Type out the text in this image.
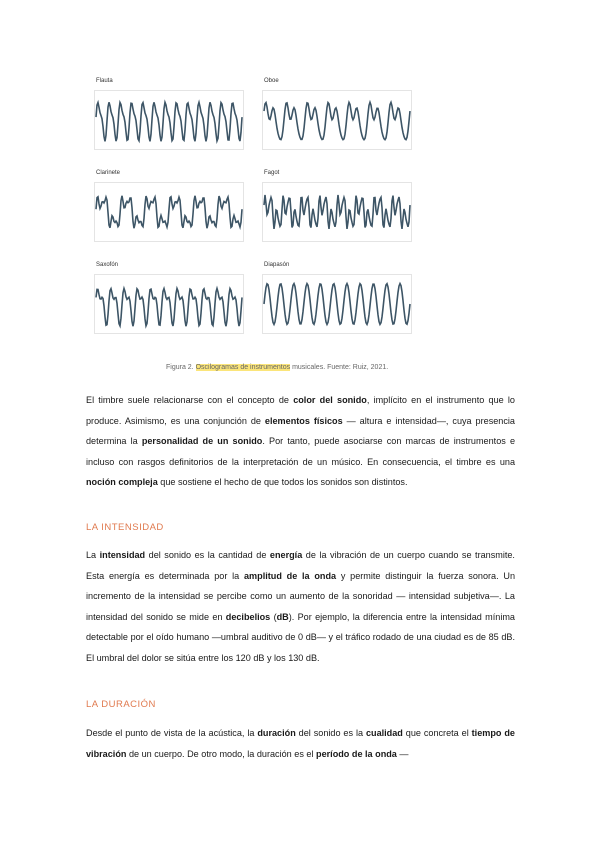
Flauta	Oboe
Clarinete	Fagot
Saxofón	Diapasón
Figura 2. Oscilogramas de instrumentos musicales. Fuente: Ruiz, 2021.
El timbre suele relacionarse con el concepto de color del sonido, implícito en el instrumento que lo produce. Asimismo, es una conjunción de elementos físicos — altura e intensidad—, cuya presencia determina la personalidad de un sonido. Por tanto, puede asociarse con marcas de instrumentos e incluso con rasgos definitorios de la interpretación de un músico. En consecuencia, el timbre es una noción compleja que sostiene el hecho de que todos los sonidos son distintos.
LA INTENSIDAD
La intensidad del sonido es la cantidad de energía de la vibración de un cuerpo cuando se transmite. Esta energía es determinada por la amplitud de la onda y permite distinguir la fuerza sonora. Un incremento de la intensidad se percibe como un aumento de la sonoridad — intensidad subjetiva—. La intensidad del sonido se mide en decibelios (dB). Por ejemplo, la diferencia entre la intensidad mínima detectable por el oído humano —umbral auditivo de 0 dB— y el tráfico rodado de una ciudad es de 85 dB. El umbral del dolor se sitúa entre los 120 dB y los 130 dB.
LA DURACIÓN
Desde el punto de vista de la acústica, la duración del sonido es la cualidad que concreta el tiempo de vibración de un cuerpo. De otro modo, la duración es el período de la onda —
